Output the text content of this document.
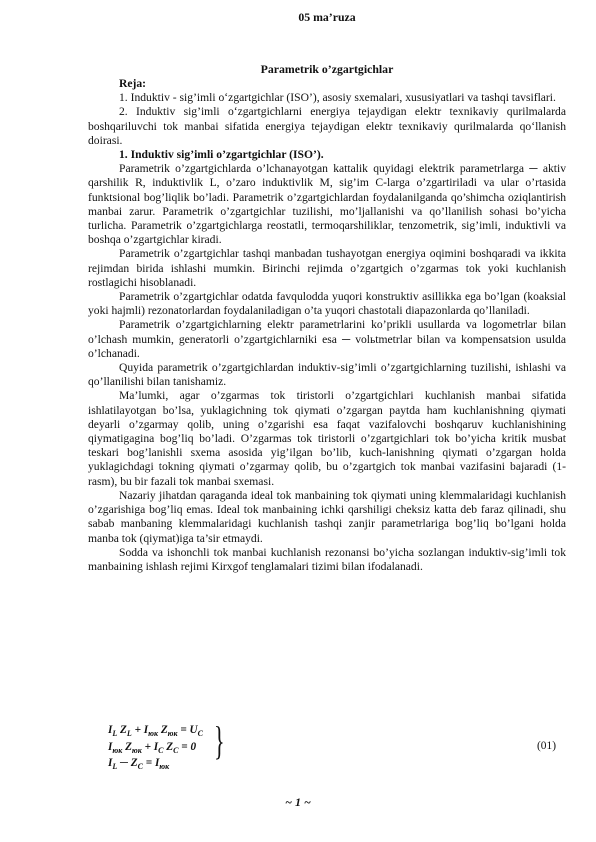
05 ma’ruza
Parametrik o’zgartgichlar

Reja:

1. Induktiv - sig’imli o‘zgartgichlar (ISO’), asosiy sxemalari, xususiyatlari va tashqi tavsiflari.

2. Induktiv sig’imli o‘zgartgichlarni energiya tejaydigan elektr texnikaviy qurilmalarda boshqariluvchi tok manbai sifatida energiya tejaydigan elektr texnikaviy qurilmalarda qo‘llanish doirasi.

1. Induktiv sig’imli o’zgartgichlar (ISO’).

Parametrik o’zgartgichlarda o’lchanayotgan kattalik quyidagi elektrik parametrlarga ─ aktiv qarshilik R, induktivlik L, o’zaro induktivlik M, sig’im C-larga o’zgartiriladi va ular o’rtasida funktsional bog’liqlik bo’ladi. Parametrik o’zgartgichlardan foydalanilganda qo’shimcha oziqlantirish manbai zarur. Parametrik o’zgartgichlar tuzilishi, mo’ljallanishi va qo’llanilish sohasi bo’yicha turlicha. Parametrik o’zgartgichlarga reostatli, termoqarshiliklar, tenzometrik, sig’imli, induktivli va boshqa o’zgartgichlar kiradi.

Parametrik o’zgartgichlar tashqi manbadan tushayotgan energiya oqimini boshqaradi va ikkita rejimdan birida ishlashi mumkin. Birinchi rejimda o’zgartgich o’zgarmas tok yoki kuchlanish rostlagichi hisoblanadi.

Parametrik o’zgartgichlar odatda favqulodda yuqori konstruktiv asillikka ega bo’lgan (koaksial yoki hajmli) rezonatorlardan foydalaniladigan o’ta yuqori chastotali diapazonlarda qo’llaniladi.

Parametrik o’zgartgichlarning elektr parametrlarini ko’prikli usullarda va logometrlar bilan o’lchash mumkin, generatorli o’zgartgichlarniki esa ─ volьtmetrlar bilan va kompensatsion usulda o’lchanadi.

Quyida parametrik o’zgartgichlardan induktiv-sig’imli o’zgartgichlarning tuzilishi, ishlashi va qo’llanilishi bilan tanishamiz.

Ma’lumki, agar o’zgarmas tok tiristorli o’zgartgichlari kuchlanish manbai sifatida ishlatilayotgan bo’lsa, yuklagichning tok qiymati o’zgargan paytda ham kuchlanishning qiymati deyarli o’zgarmay qolib, uning o’zgarishi esa faqat vazifalovchi boshqaruv kuchlanishining qiymatigagina bog’liq bo’ladi. O’zgarmas tok tiristorli o’zgartgichlari tok bo’yicha kritik musbat teskari bog’lanishli sxema asosida yig’ilgan bo’lib, kuch-lanishning qiymati o’zgargan holda yuklagichdagi tokning qiymati o’zgarmay qolib, bu o’zgartgich tok manbai vazifasini bajaradi (1-rasm), bu bir fazali tok manbai sxemasi.

Nazariy jihatdan qaraganda ideal tok manbaining tok qiymati uning klemmalaridagi kuchlanish o’zgarishiga bog’liq emas. Ideal tok manbaining ichki qarshiligi cheksiz katta deb faraz qilinadi, shu sabab manbaning klemmalaridagi kuchlanish tashqi zanjir parametrlariga bog’liq bo’lgani holda manba tok (qiymat)iga ta’sir etmaydi.

Sodda va ishonchli tok manbai kuchlanish rezonansi bo’yicha sozlangan induktiv-sig’imli tok manbaining ishlash rejimi Kirxgof tenglamalari tizimi bilan ifodalanadi.

$I_L$ $Z_L + I_{юк}$ $Z_{юк} = U_C$
$I_{юк}$ $Z_{юк} + I_C$ $Z_C = 0$
$I_L$ ─ $Z_C = I_{юк}$
}	(01)
~ 1 ~
